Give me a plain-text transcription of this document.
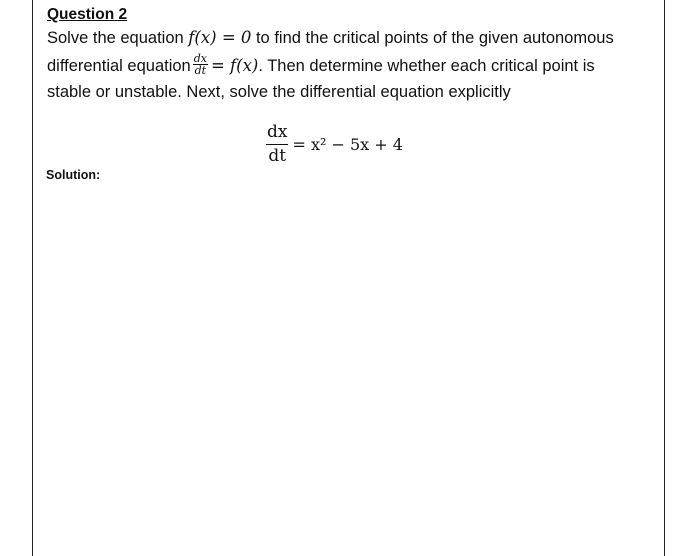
Question 2
Solve the equation f(x) = 0 to find the critical points of the given autonomous
differential equation $\frac{dx}{dt} = f(x)$. Then determine whether each critical point is
stable or unstable. Next, solve the differential equation explicitly
$\frac{dx}{dt} = x^2 - 5x + 4$
Solution:
